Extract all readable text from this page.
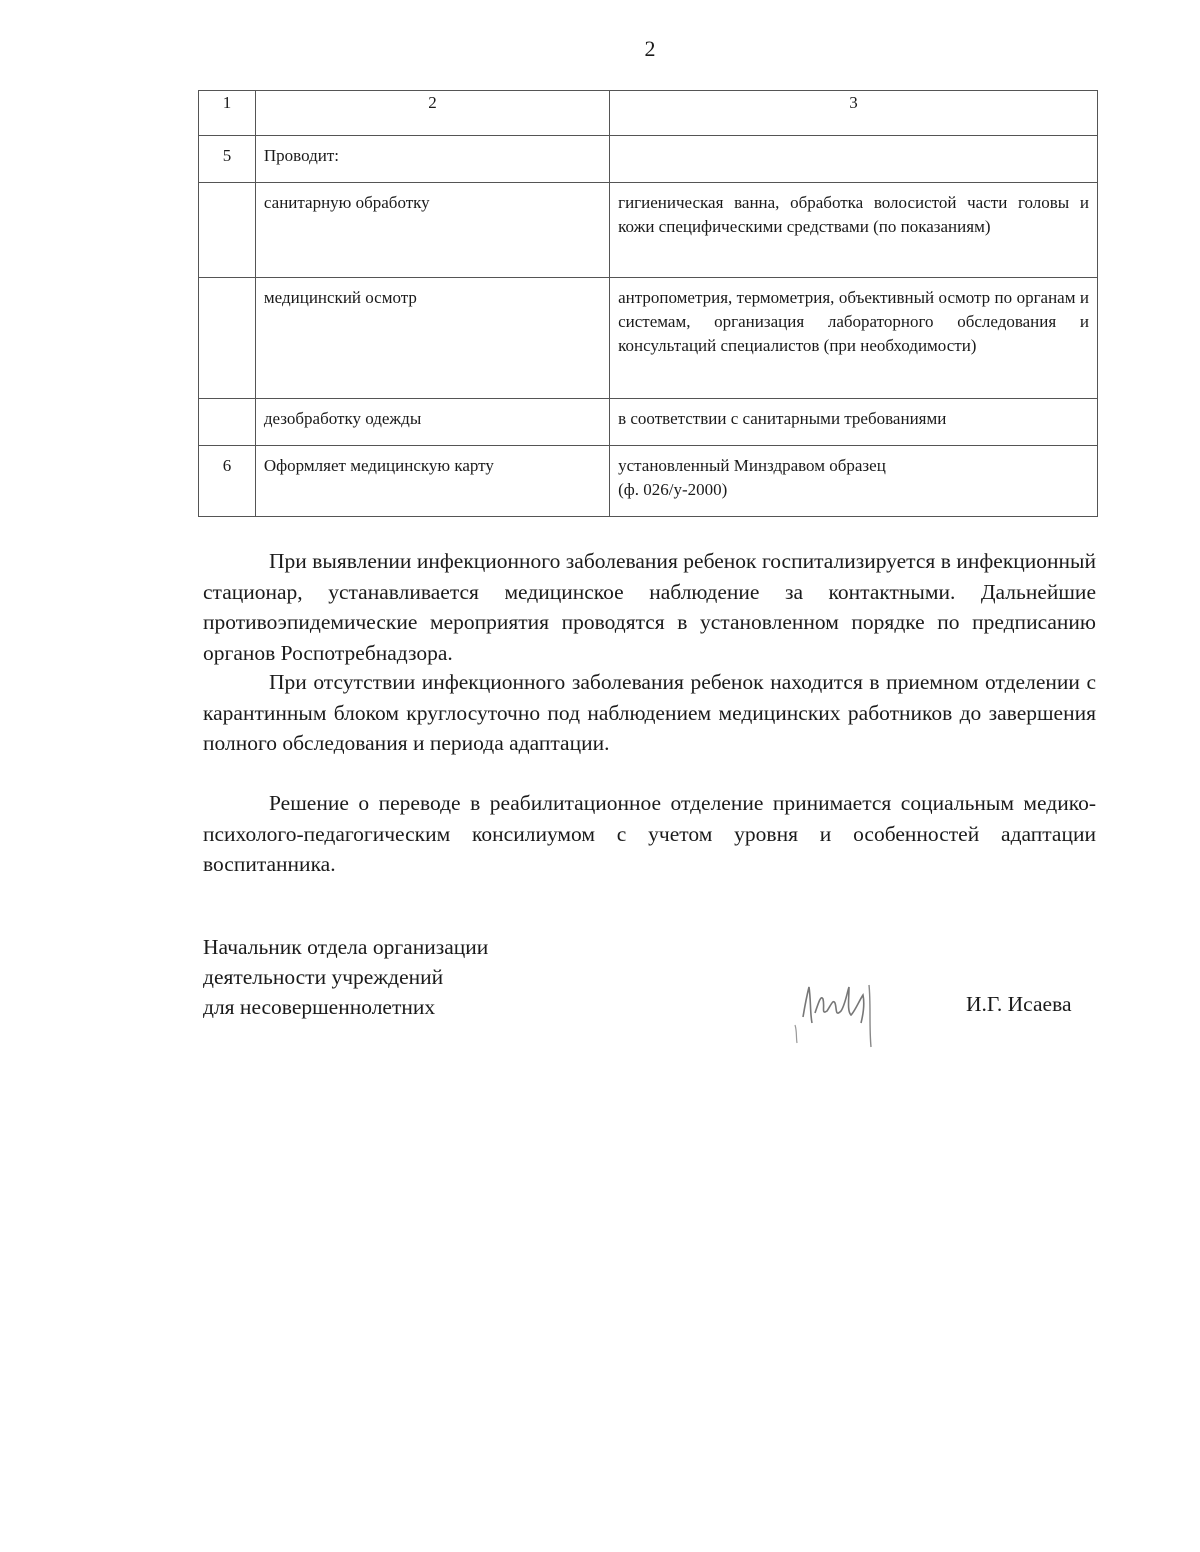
2
1	2	3

5	Проводит:	

	санитарную обработку	гигиеническая ванна, обработка волосистой части головы и кожи специфическими средствами (по показаниям)

	медицинский осмотр	антропометрия, термометрия, объективный осмотр по органам и системам, организация лабораторного обследования и консультаций специалистов (при необходимости)

	дезобработку одежды	в соответствии с санитарными требованиями

6	Оформляет медицинскую карту	установленный Минздравом образец
(ф. 026/у-2000)

При выявлении инфекционного заболевания ребенок госпитализируется в инфекционный стационар, устанавливается медицинское наблюдение за контактными. Дальнейшие противоэпидемические мероприятия проводятся в установленном порядке по предписанию органов Роспотребнадзора.

При отсутствии инфекционного заболевания ребенок находится в приемном отделении с карантинным блоком круглосуточно под наблюдением медицинских работников до завершения полного обследования и периода адаптации.

Решение о переводе в реабилитационное отделение принимается социальным медико-психолого-педагогическим консилиумом с учетом уровня и особенностей адаптации воспитанника.

Начальник отдела организации
деятельности учреждений
для несовершеннолетних	И.Г. Исаева
